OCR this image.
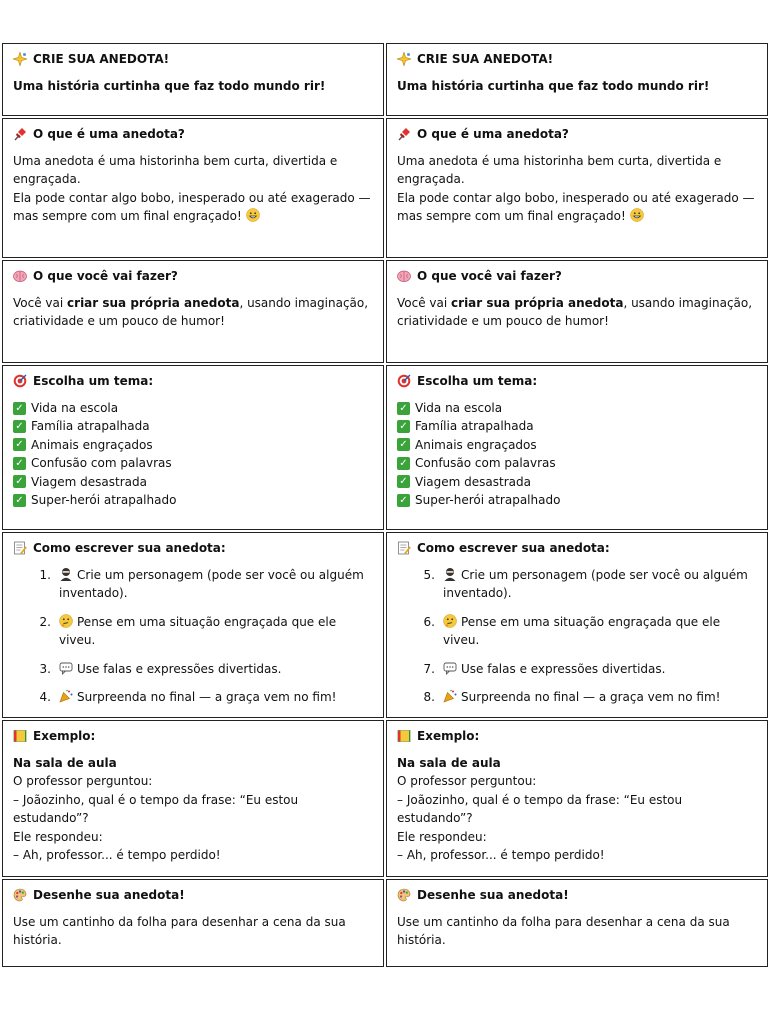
CRIE SUA ANEDOTA!
Uma história curtinha que faz todo mundo rir!
O que é uma anedota?
Uma anedota é uma historinha bem curta, divertida e engraçada.
Ela pode contar algo bobo, inesperado ou até exagerado — mas sempre com um final engraçado!
O que você vai fazer?
Você vai criar sua própria anedota, usando imaginação, criatividade e um pouco de humor!
Escolha um tema:
✓ Vida na escola
✓ Família atrapalhada
✓ Animais engraçados
✓ Confusão com palavras
✓ Viagem desastrada
✓ Super-herói atrapalhado
Como escrever sua anedota:
1.	Crie um personagem (pode ser você ou alguém inventado).
2.	Pense em uma situação engraçada que ele viveu.
3.	Use falas e expressões divertidas.
4.	Surpreenda no final — a graça vem no fim!
Exemplo:
Na sala de aula
O professor perguntou:
– Joãozinho, qual é o tempo da frase: “Eu estou estudando”?
Ele respondeu:
– Ah, professor... é tempo perdido!
Desenhe sua anedota!
Use um cantinho da folha para desenhar a cena da sua história.
CRIE SUA ANEDOTA!
Uma história curtinha que faz todo mundo rir!
O que é uma anedota?
Uma anedota é uma historinha bem curta, divertida e engraçada.
Ela pode contar algo bobo, inesperado ou até exagerado — mas sempre com um final engraçado!
O que você vai fazer?
Você vai criar sua própria anedota, usando imaginação, criatividade e um pouco de humor!
Escolha um tema:
✓ Vida na escola
✓ Família atrapalhada
✓ Animais engraçados
✓ Confusão com palavras
✓ Viagem desastrada
✓ Super-herói atrapalhado
Como escrever sua anedota:
5.	Crie um personagem (pode ser você ou alguém inventado).
6.	Pense em uma situação engraçada que ele viveu.
7.	Use falas e expressões divertidas.
8.	Surpreenda no final — a graça vem no fim!
Exemplo:
Na sala de aula
O professor perguntou:
– Joãozinho, qual é o tempo da frase: “Eu estou estudando”?
Ele respondeu:
– Ah, professor... é tempo perdido!
Desenhe sua anedota!
Use um cantinho da folha para desenhar a cena da sua história.
